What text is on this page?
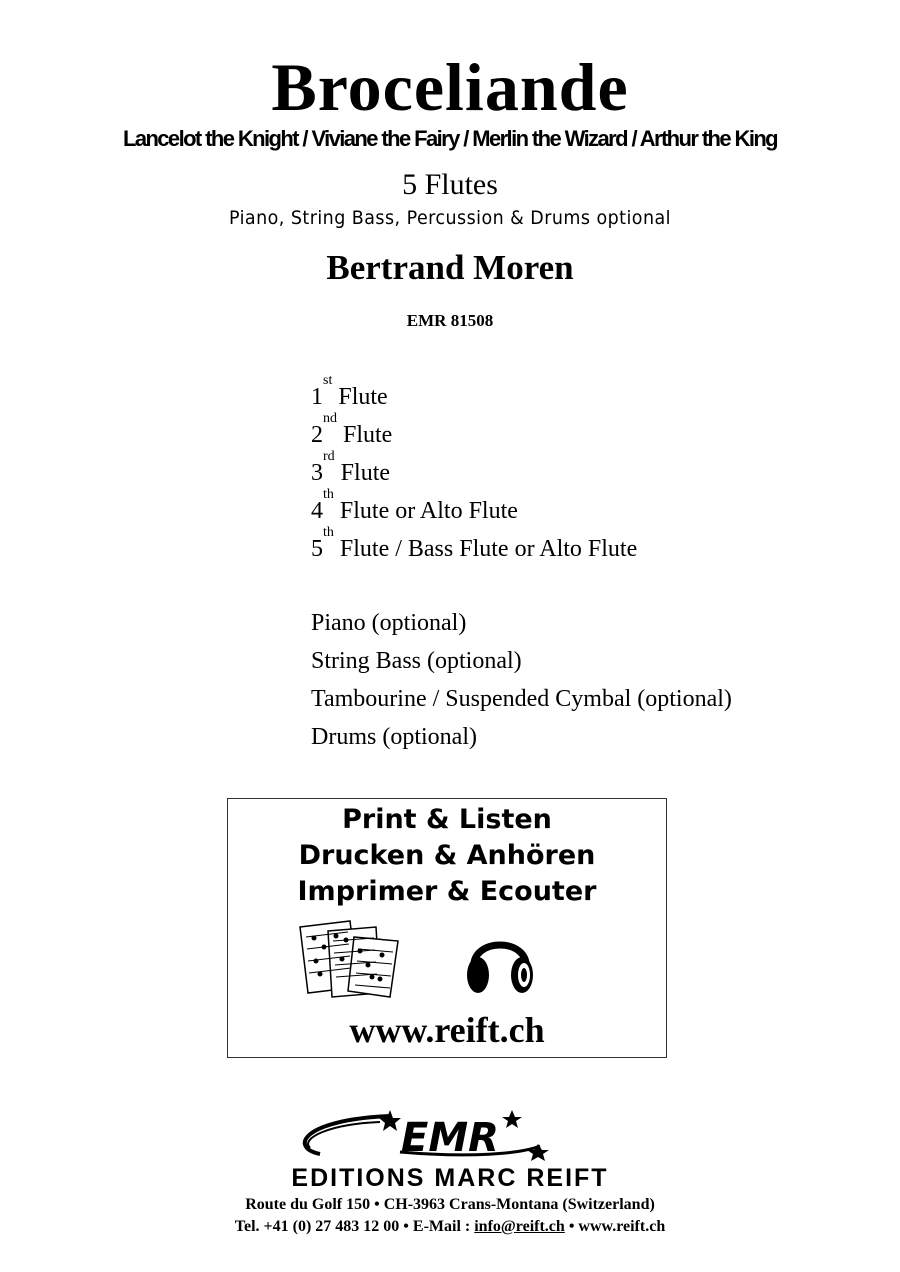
Broceliande
Lancelot the Knight / Viviane the Fairy / Merlin the Wizard / Arthur the King
5 Flutes
Piano, String Bass, Percussion & Drums optional
Bertrand Moren
EMR 81508
1st Flute
2nd Flute
3rd Flute
4th Flute or Alto Flute
5th Flute / Bass Flute or Alto Flute
Piano (optional)
String Bass (optional)
Tambourine / Suspended Cymbal (optional)
Drums (optional)
Print & Listen
Drucken & Anhören
Imprimer & Ecouter
www.reift.ch
EMR
EDITIONS MARC REIFT
Route du Golf 150 • CH-3963 Crans-Montana (Switzerland)
Tel. +41 (0) 27 483 12 00 • E-Mail : info@reift.ch • www.reift.ch
